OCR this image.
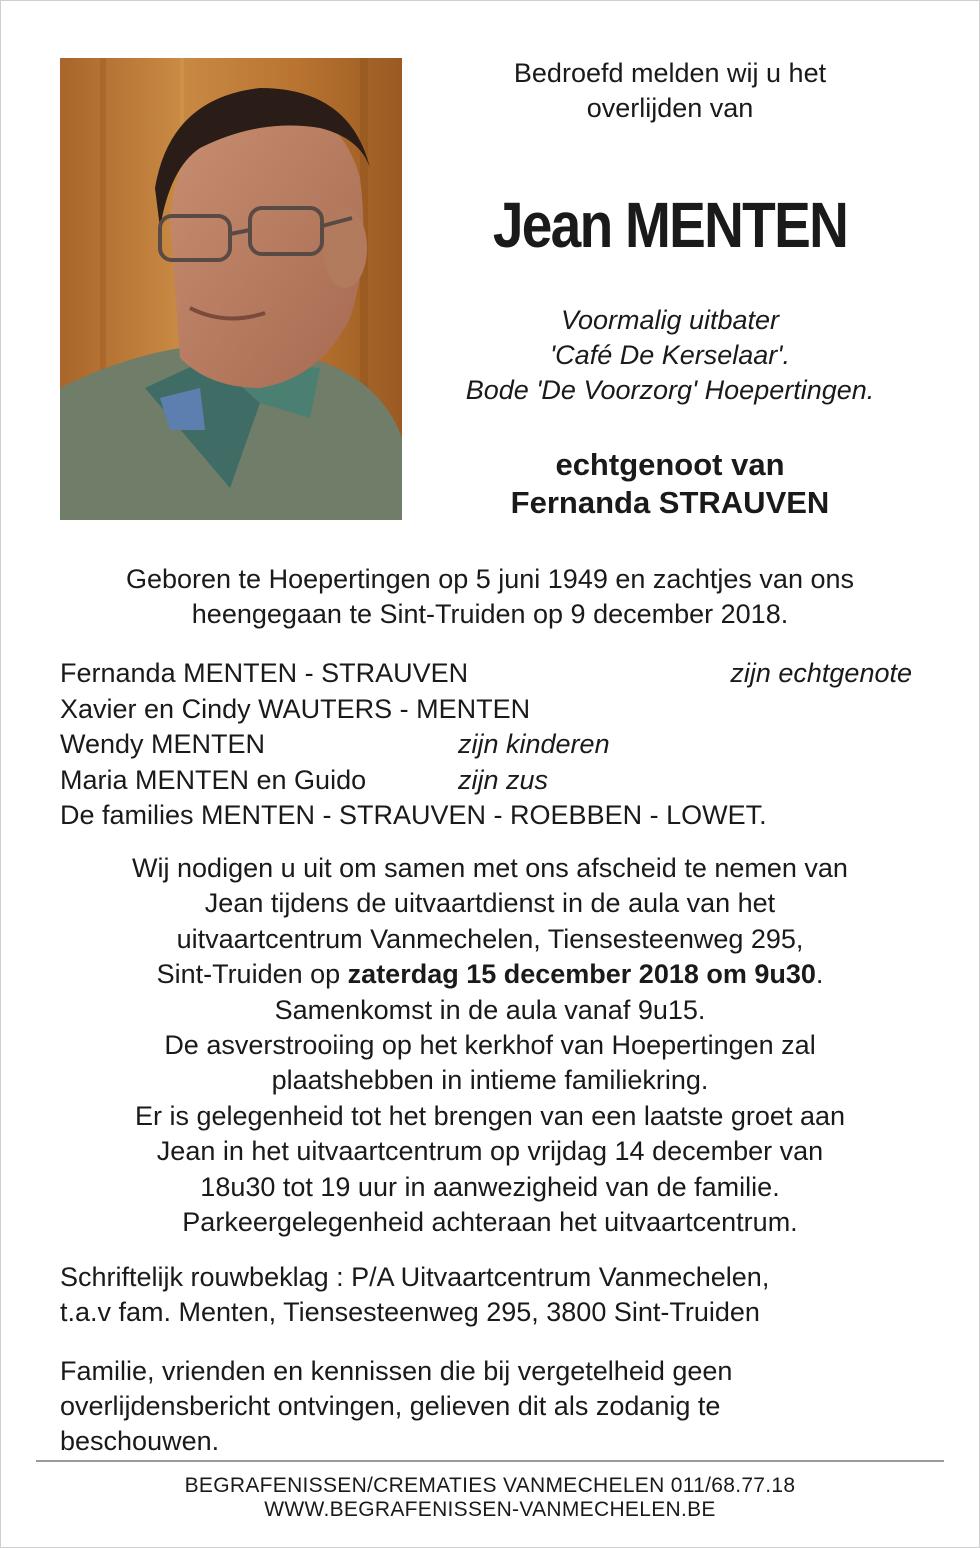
Bedroefd melden wij u het
overlijden van
Jean MENTEN
Voormalig uitbater
'Café De Kerselaar'.
Bode 'De Voorzorg' Hoepertingen.
echtgenoot van
Fernanda STRAUVEN
Geboren te Hoepertingen op 5 juni 1949 en zachtjes van ons
heengegaan te Sint-Truiden op 9 december 2018.
Fernanda MENTEN - STRAUVEN	zijn echtgenote
Xavier en Cindy WAUTERS - MENTEN
Wendy MENTEN	zijn kinderen
Maria MENTEN en Guido	zijn zus
De families MENTEN - STRAUVEN - ROEBBEN - LOWET.
Wij nodigen u uit om samen met ons afscheid te nemen van
Jean tijdens de uitvaartdienst in de aula van het
uitvaartcentrum Vanmechelen, Tiensesteenweg 295,
Sint-Truiden op zaterdag 15 december 2018 om 9u30.
Samenkomst in de aula vanaf 9u15.
De asverstrooiing op het kerkhof van Hoepertingen zal
plaatshebben in intieme familiekring.
Er is gelegenheid tot het brengen van een laatste groet aan
Jean in het uitvaartcentrum op vrijdag 14 december van
18u30 tot 19 uur in aanwezigheid van de familie.
Parkeergelegenheid achteraan het uitvaartcentrum.
Schriftelijk rouwbeklag : P/A Uitvaartcentrum Vanmechelen,
t.a.v fam. Menten, Tiensesteenweg 295, 3800 Sint-Truiden
Familie, vrienden en kennissen die bij vergetelheid geen
overlijdensbericht ontvingen, gelieven dit als zodanig te
beschouwen.
BEGRAFENISSEN/CREMATIES VANMECHELEN 011/68.77.18
WWW.BEGRAFENISSEN-VANMECHELEN.BE
